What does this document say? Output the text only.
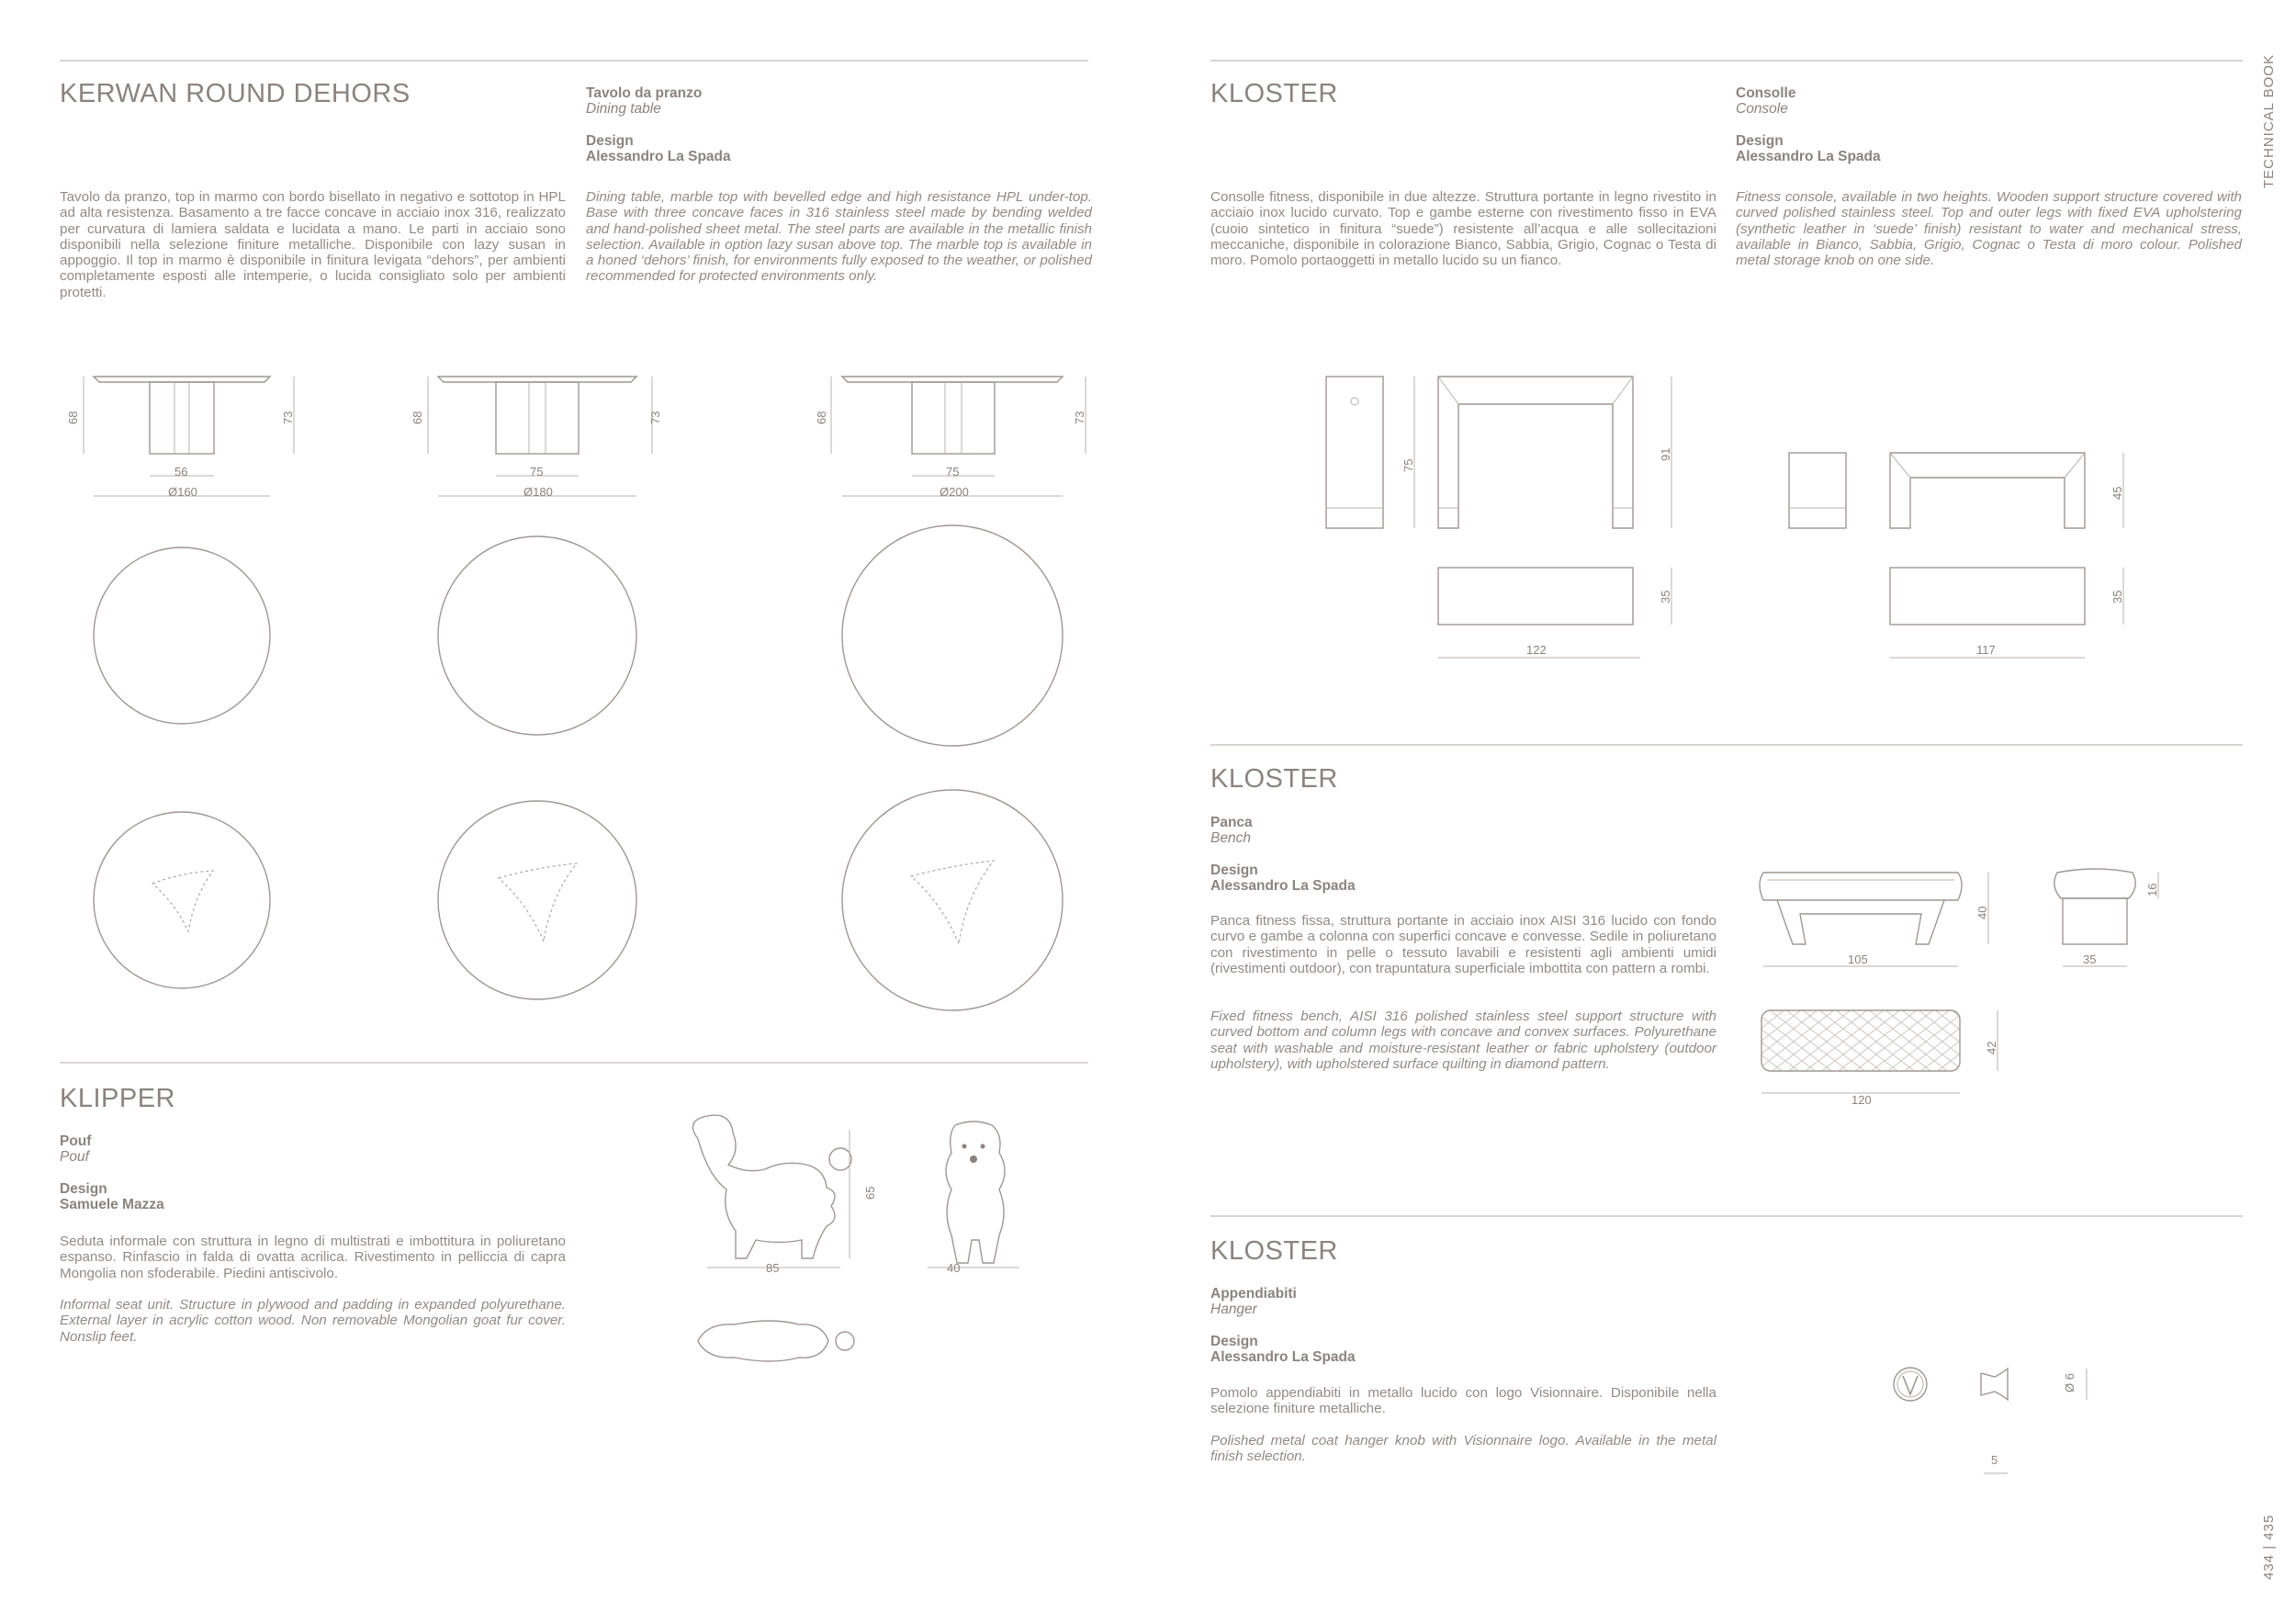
TECHNICAL BOOK
434 | 435
KERWAN ROUND DEHORS	Tavolo da pranzo
Dining table
Design
Alessandro La Spada
Tavolo da pranzo, top in marmo con bordo bisellato in negativo e sottotop in HPL ad alta resistenza. Basamento a tre facce concave in acciaio inox 316, realizzato per curvatura di lamiera saldata e lucidata a mano. Le parti in acciaio sono disponibili nella selezione finiture metalliche. Disponibile con lazy susan in appoggio. Il top in marmo è disponibile in finitura levigata “dehors”, per ambienti completamente esposti alle intemperie, o lucida consigliato solo per ambienti protetti.
Dining table, marble top with bevelled edge and high resistance HPL under-top. Base with three concave faces in 316 stainless steel made by bending welded and hand-polished sheet metal. The steel parts are available in the metallic finish selection. Available in option lazy susan above top. The marble top is available in a honed ‘dehors’ finish, for environments fully exposed to the weather, or polished recommended for protected environments only.
68	73
56
Ø160
68	73
75
Ø180
68	73
75
Ø200
KLIPPER
Pouf
Pouf
Design
Samuele Mazza
Seduta informale con struttura in legno di multistrati e imbottitura in poliuretano espanso. Rinfascio in falda di ovatta acrilica. Rivestimento in pelliccia di capra Mongolia non sfoderabile. Piedini antiscivolo.
Informal seat unit. Structure in plywood and padding in expanded polyurethane. External layer in acrylic cotton wood. Non removable Mongolian goat fur cover. Nonslip feet.
65
85	40
KLOSTER	Consolle
Console
Design
Alessandro La Spada
Consolle fitness, disponibile in due altezze. Struttura portante in legno rivestito in acciaio inox lucido curvato. Top e gambe esterne con rivestimento fisso in EVA (cuoio sintetico in finitura “suede”) resistente all’acqua e alle sollecitazioni meccaniche, disponibile in colorazione Bianco, Sabbia, Grigio, Cognac o Testa di moro. Pomolo portaoggetti in metallo lucido su un fianco.
Fitness console, available in two heights. Wooden support structure covered with curved polished stainless steel. Top and outer legs with fixed EVA upholstering (synthetic leather in ‘suede’ finish) resistant to water and mechanical stress, available in Bianco, Sabbia, Grigio, Cognac o Testa di moro colour. Polished metal storage knob on one side.
75
91
35
122
45
35
117
KLOSTER
Panca
Bench
Design
Alessandro La Spada
Panca fitness fissa, struttura portante in acciaio inox AISI 316 lucido con fondo curvo e gambe a colonna con superfici concave e convesse. Sedile in poliuretano con rivestimento in pelle o tessuto lavabili e resistenti agli ambienti umidi (rivestimenti outdoor), con trapuntatura superficiale imbottita con pattern a rombi.
Fixed fitness bench, AISI 316 polished stainless steel support structure with curved bottom and column legs with concave and convex surfaces. Polyurethane seat with washable and moisture-resistant leather or fabric upholstery (outdoor upholstery), with upholstered surface quilting in diamond pattern.
40
105
16
35
42
120
KLOSTER
Appendiabiti
Hanger
Design
Alessandro La Spada
Pomolo appendiabiti in metallo lucido con logo Visionnaire. Disponibile nella selezione finiture metalliche.
Polished metal coat hanger knob with Visionnaire logo. Available in the metal finish selection.
Ø 6
5
